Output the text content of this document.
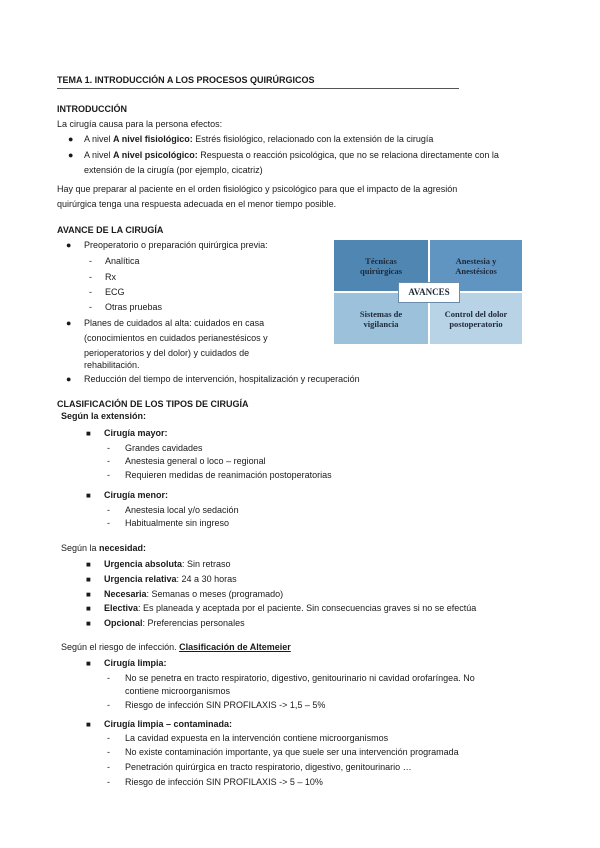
TEMA 1. INTRODUCCIÓN A LOS PROCESOS QUIRÚRGICOS
INTRODUCCIÓN
La cirugía causa para la persona efectos:
● A nivel A nivel fisiológico: Estrés fisiológico, relacionado con la extensión de la cirugía
● A nivel A nivel psicológico: Respuesta o reacción psicológica, que no se relaciona directamente con la
extensión de la cirugía (por ejemplo, cicatriz)
Hay que preparar al paciente en el orden fisiológico y psicológico para que el impacto de la agresión
quirúrgica tenga una respuesta adecuada en el menor tiempo posible.
AVANCE DE LA CIRUGÍA
● Preoperatorio o preparación quirúrgica previa:
- Analítica
- Rx
- ECG
- Otras pruebas
● Planes de cuidados al alta: cuidados en casa
(conocimientos en cuidados perianestésicos y
perioperatorios y del dolor) y cuidados de
rehabilitación.
● Reducción del tiempo de intervención, hospitalización y recuperación
Técnicas
quirúrgicas
Anestesia y
Anestésicos
Sistemas de
vigilancia
Control del dolor
postoperatorio
AVANCES
CLASIFICACIÓN DE LOS TIPOS DE CIRUGÍA
Según la extensión:
■ Cirugía mayor:
- Grandes cavidades
- Anestesia general o loco – regional
- Requieren medidas de reanimación postoperatorias
■ Cirugía menor:
- Anestesia local y/o sedación
- Habitualmente sin ingreso
Según la necesidad:
■ Urgencia absoluta: Sin retraso
■ Urgencia relativa: 24 a 30 horas
■ Necesaria: Semanas o meses (programado)
■ Electiva: Es planeada y aceptada por el paciente. Sin consecuencias graves si no se efectúa
■ Opcional: Preferencias personales
Según el riesgo de infección. Clasificación de Altemeier
■ Cirugía limpia:
- No se penetra en tracto respiratorio, digestivo, genitourinario ni cavidad orofaríngea. No
contiene microorganismos
- Riesgo de infección SIN PROFILAXIS -> 1,5 – 5%
■ Cirugía limpia – contaminada:
- La cavidad expuesta en la intervención contiene microorganismos
- No existe contaminación importante, ya que suele ser una intervención programada
- Penetración quirúrgica en tracto respiratorio, digestivo, genitourinario …
- Riesgo de infección SIN PROFILAXIS -> 5 – 10%
